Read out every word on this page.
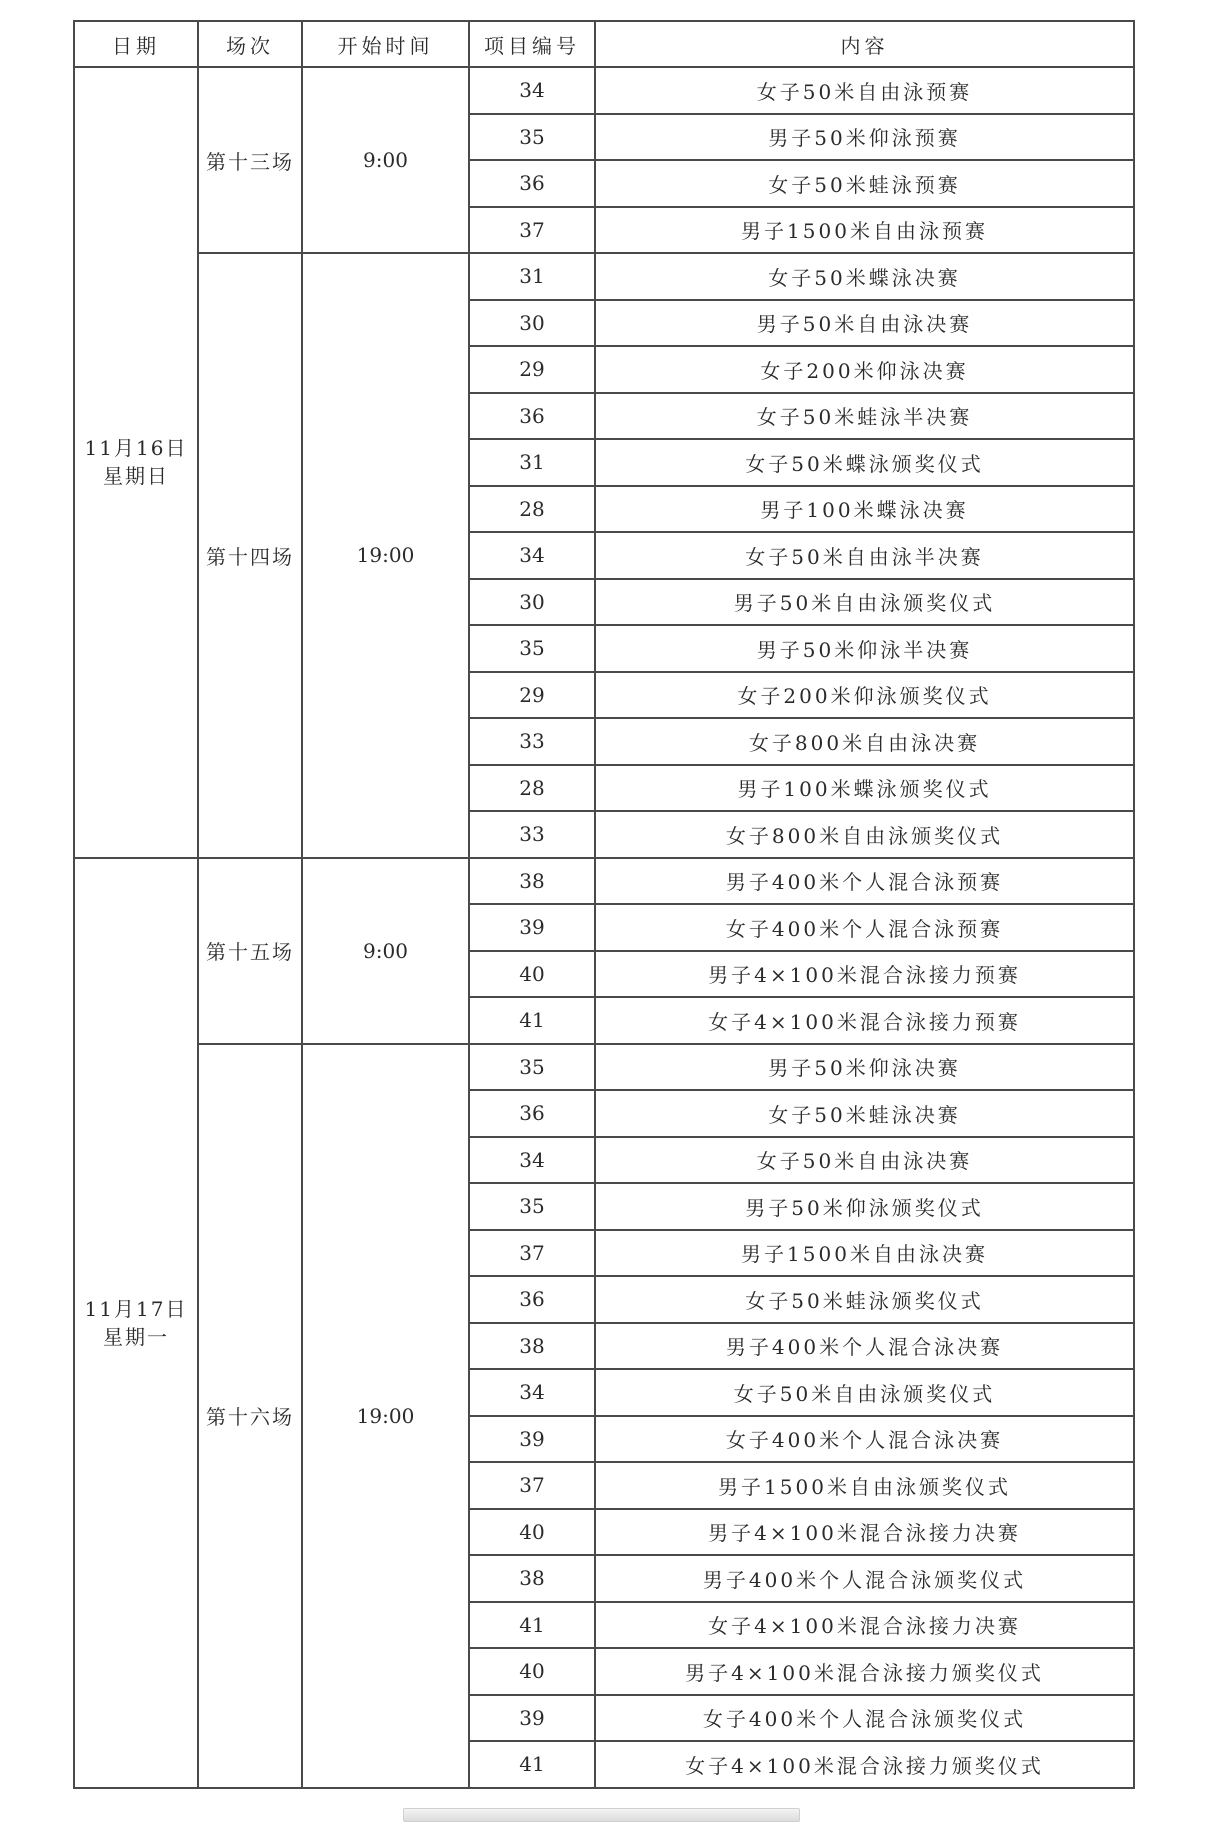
日期	场次	开始时间	项目编号	内容

11月16日
星期日	第十三场	9:00	34	女子50米自由泳预赛
			35	男子50米仰泳预赛
			36	女子50米蛙泳预赛
			37	男子1500米自由泳预赛
	第十四场	19:00	31	女子50米蝶泳决赛
			30	男子50米自由泳决赛
			29	女子200米仰泳决赛
			36	女子50米蛙泳半决赛
			31	女子50米蝶泳颁奖仪式
			28	男子100米蝶泳决赛
			34	女子50米自由泳半决赛
			30	男子50米自由泳颁奖仪式
			35	男子50米仰泳半决赛
			29	女子200米仰泳颁奖仪式
			33	女子800米自由泳决赛
			28	男子100米蝶泳颁奖仪式
			33	女子800米自由泳颁奖仪式

11月17日
星期一	第十五场	9:00	38	男子400米个人混合泳预赛
			39	女子400米个人混合泳预赛
			40	男子4×100米混合泳接力预赛
			41	女子4×100米混合泳接力预赛
	第十六场	19:00	35	男子50米仰泳决赛
			36	女子50米蛙泳决赛
			34	女子50米自由泳决赛
			35	男子50米仰泳颁奖仪式
			37	男子1500米自由泳决赛
			36	女子50米蛙泳颁奖仪式
			38	男子400米个人混合泳决赛
			34	女子50米自由泳颁奖仪式
			39	女子400米个人混合泳决赛
			37	男子1500米自由泳颁奖仪式
			40	男子4×100米混合泳接力决赛
			38	男子400米个人混合泳颁奖仪式
			41	女子4×100米混合泳接力决赛
			40	男子4×100米混合泳接力颁奖仪式
			39	女子400米个人混合泳颁奖仪式
			41	女子4×100米混合泳接力颁奖仪式
